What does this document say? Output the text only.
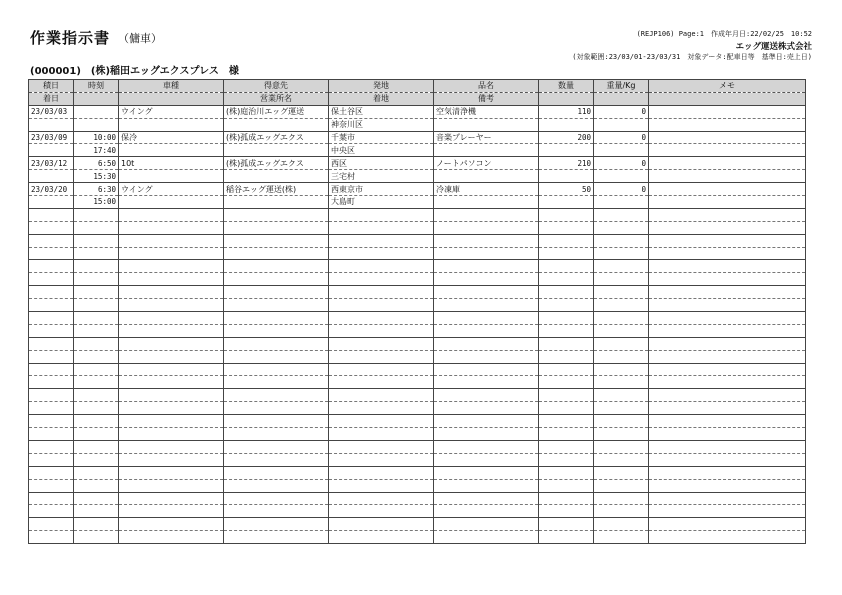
作業指示書 （傭車）	(REJP106) Page:1　作成年月日:22/02/25　10:52
エッグ運送株式会社
(対象範囲:23/03/01-23/03/31　対象データ:配車日等　基準日:売上日)
(000001)　(株)稲田エッグエクスプレス　様
積日	時刻	車種	得意先	発地	品名	数量	重量/Kg	メモ
着日			営業所名	着地	備考			
23/03/03		ウイング	(株)庭治川エッグ運送	保土谷区	空気清浄機	110	0	
				神奈川区				
23/03/09	10:00	保冷	(株)孤成エッグエクス	千葉市	音楽プレーヤー	200	0	
	17:40			中央区				
23/03/12	6:50	10t	(株)孤成エッグエクス	西区	ノートパソコン	210	0	
	15:30			三宅村				
23/03/20	6:30	ウイング	稲谷エッグ運送(株)	西東京市	冷凍庫	50	0	
	15:00			大島町				
